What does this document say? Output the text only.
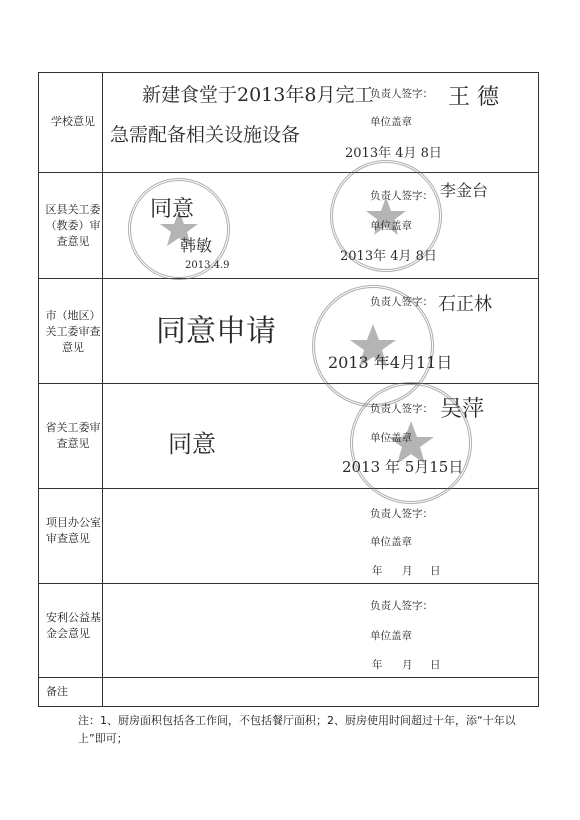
学校意见
新建食堂于2013年8月完工
急需配备相关设施设备
负责人签字： 王 德
单位盖章
2013年 4月 8日
区县关工委（教委）审查意见
同意
韩敏
2013.4.9
负责人签字： 李金台
单位盖章
2013年 4月 8日
市（地区）关工委审查意见	同意申请
负责人签字： 石正林
2013 年4月11日
省关工委审查意见	同意
负责人签字： 吴萍
单位盖章
2013 年 5月15日
项目办公室审查意见
负责人签字：
单位盖章
年 月 日
安利公益基金会意见
负责人签字：
单位盖章
年 月 日
备注
注：1、厨房面积包括各工作间，不包括餐厅面积；2、厨房使用时间超过十年，添“十年以上”即可；
